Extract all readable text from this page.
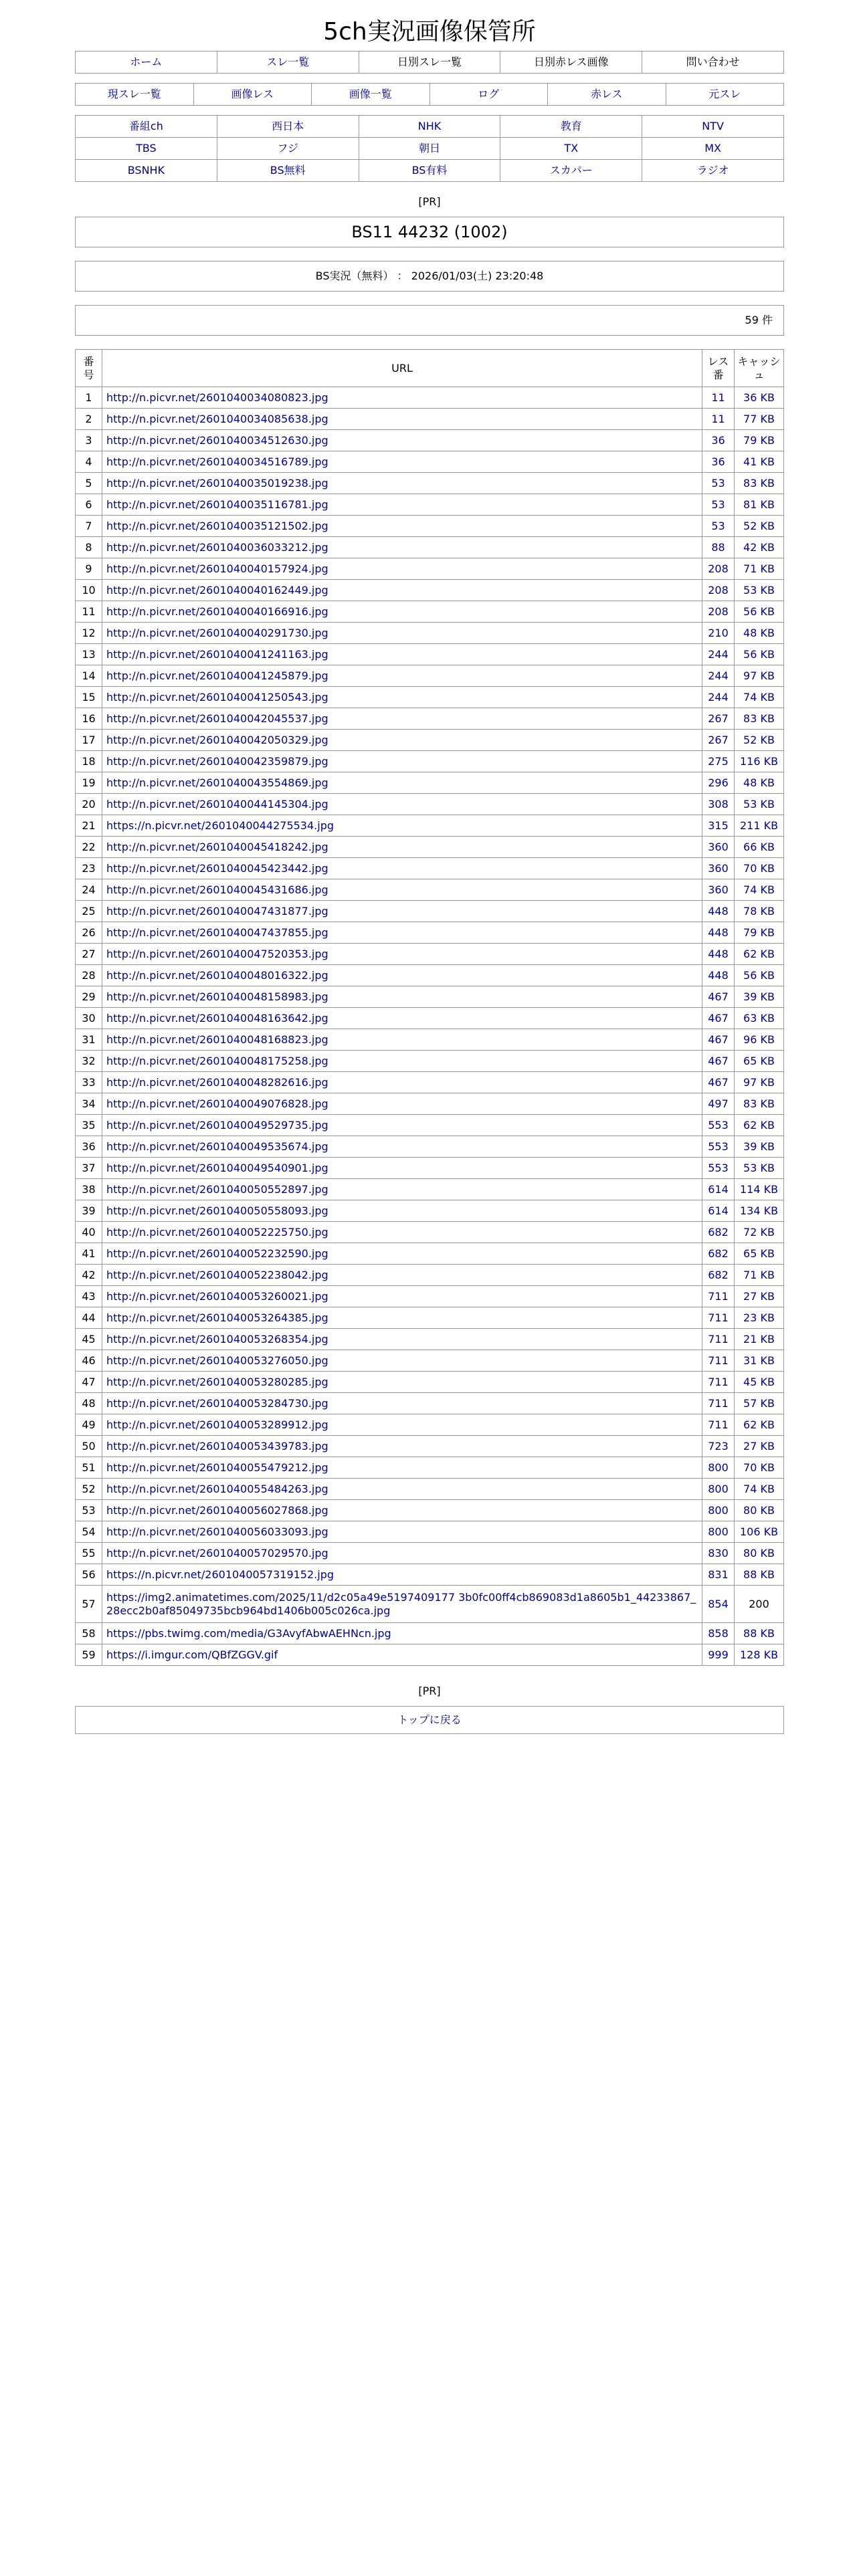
5ch実況画像保管所
ホーム	スレ一覧	日別スレ一覧	日別赤レス画像	問い合わせ
現スレ一覧	画像レス	画像一覧	ログ	赤レス	元スレ
番組ch	西日本	NHK	教育	NTV
TBS	フジ	朝日	TX	MX
BSNHK	BS無料	BS有料	スカパー	ラジオ
[PR]
BS11 44232 (1002)
BS実況（無料） ： 2026/01/03(土) 23:20:48
59 件
番号	URL	レス番	キャッシュ
1	http://n.picvr.net/2601040034080823.jpg	11	36 KB
2	http://n.picvr.net/2601040034085638.jpg	11	77 KB
3	http://n.picvr.net/2601040034512630.jpg	36	79 KB
4	http://n.picvr.net/2601040034516789.jpg	36	41 KB
5	http://n.picvr.net/2601040035019238.jpg	53	83 KB
6	http://n.picvr.net/2601040035116781.jpg	53	81 KB
7	http://n.picvr.net/2601040035121502.jpg	53	52 KB
8	http://n.picvr.net/2601040036033212.jpg	88	42 KB
9	http://n.picvr.net/2601040040157924.jpg	208	71 KB
10	http://n.picvr.net/2601040040162449.jpg	208	53 KB
11	http://n.picvr.net/2601040040166916.jpg	208	56 KB
12	http://n.picvr.net/2601040040291730.jpg	210	48 KB
13	http://n.picvr.net/2601040041241163.jpg	244	56 KB
14	http://n.picvr.net/2601040041245879.jpg	244	97 KB
15	http://n.picvr.net/2601040041250543.jpg	244	74 KB
16	http://n.picvr.net/2601040042045537.jpg	267	83 KB
17	http://n.picvr.net/2601040042050329.jpg	267	52 KB
18	http://n.picvr.net/2601040042359879.jpg	275	116 KB
19	http://n.picvr.net/2601040043554869.jpg	296	48 KB
20	http://n.picvr.net/2601040044145304.jpg	308	53 KB
21	https://n.picvr.net/2601040044275534.jpg	315	211 KB
22	http://n.picvr.net/2601040045418242.jpg	360	66 KB
23	http://n.picvr.net/2601040045423442.jpg	360	70 KB
24	http://n.picvr.net/2601040045431686.jpg	360	74 KB
25	http://n.picvr.net/2601040047431877.jpg	448	78 KB
26	http://n.picvr.net/2601040047437855.jpg	448	79 KB
27	http://n.picvr.net/2601040047520353.jpg	448	62 KB
28	http://n.picvr.net/2601040048016322.jpg	448	56 KB
29	http://n.picvr.net/2601040048158983.jpg	467	39 KB
30	http://n.picvr.net/2601040048163642.jpg	467	63 KB
31	http://n.picvr.net/2601040048168823.jpg	467	96 KB
32	http://n.picvr.net/2601040048175258.jpg	467	65 KB
33	http://n.picvr.net/2601040048282616.jpg	467	97 KB
34	http://n.picvr.net/2601040049076828.jpg	497	83 KB
35	http://n.picvr.net/2601040049529735.jpg	553	62 KB
36	http://n.picvr.net/2601040049535674.jpg	553	39 KB
37	http://n.picvr.net/2601040049540901.jpg	553	53 KB
38	http://n.picvr.net/2601040050552897.jpg	614	114 KB
39	http://n.picvr.net/2601040050558093.jpg	614	134 KB
40	http://n.picvr.net/2601040052225750.jpg	682	72 KB
41	http://n.picvr.net/2601040052232590.jpg	682	65 KB
42	http://n.picvr.net/2601040052238042.jpg	682	71 KB
43	http://n.picvr.net/2601040053260021.jpg	711	27 KB
44	http://n.picvr.net/2601040053264385.jpg	711	23 KB
45	http://n.picvr.net/2601040053268354.jpg	711	21 KB
46	http://n.picvr.net/2601040053276050.jpg	711	31 KB
47	http://n.picvr.net/2601040053280285.jpg	711	45 KB
48	http://n.picvr.net/2601040053284730.jpg	711	57 KB
49	http://n.picvr.net/2601040053289912.jpg	711	62 KB
50	http://n.picvr.net/2601040053439783.jpg	723	27 KB
51	http://n.picvr.net/2601040055479212.jpg	800	70 KB
52	http://n.picvr.net/2601040055484263.jpg	800	74 KB
53	http://n.picvr.net/2601040056027868.jpg	800	80 KB
54	http://n.picvr.net/2601040056033093.jpg	800	106 KB
55	http://n.picvr.net/2601040057029570.jpg	830	80 KB
56	https://n.picvr.net/2601040057319152.jpg	831	88 KB
57	https://img2.animatetimes.com/2025/11/d2c05a49e5197409177 3b0fc00ff4cb869083d1a8605b1_44233867_28ecc2b0af85049735bcb964bd1406b005c026ca.jpg	854	200
58	https://pbs.twimg.com/media/G3AvyfAbwAEHNcn.jpg	858	88 KB
59	https://i.imgur.com/QBfZGGV.gif	999	128 KB
[PR]
トップに戻る
